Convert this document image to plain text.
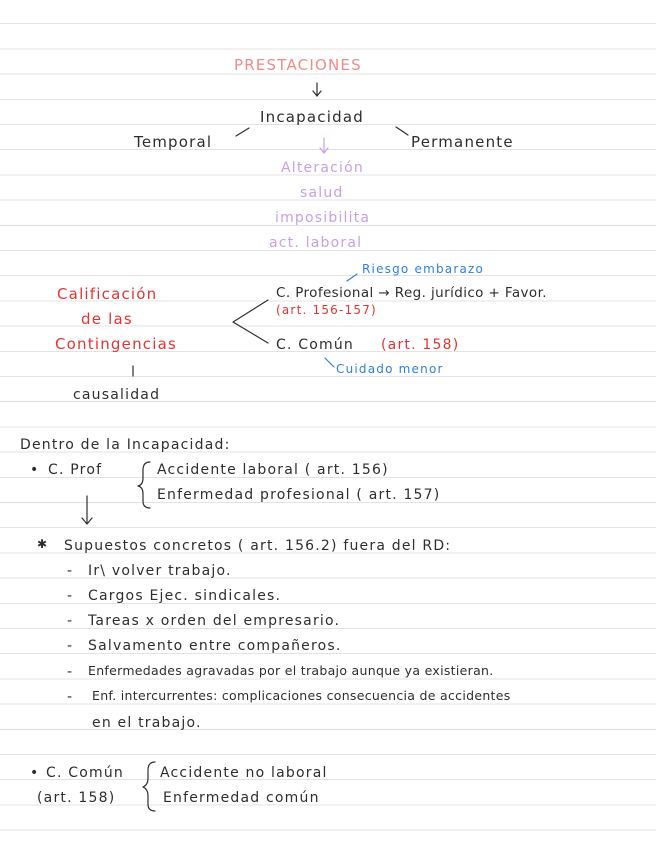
PRESTACIONES
Incapacidad
Temporal	Permanente
Alteración
salud
imposibilita
act. laboral
Calificación
de las
Contingencias
causalidad
Riesgo embarazo
C. Profesional → Reg. jurídico + Favor.
(art. 156-157)
C. Común (art. 158)
Cuidado menor
Dentro de la Incapacidad:
• C. Prof	Accidente laboral ( art. 156)
Enfermedad profesional ( art. 157)
✱ Supuestos concretos ( art. 156.2) fuera del RD:
- Ir\ volver trabajo.
- Cargos Ejec. sindicales.
- Tareas x orden del empresario.
- Salvamento entre compañeros.
- Enfermedades agravadas por el trabajo aunque ya existieran.
- Enf. intercurrentes: complicaciones consecuencia de accidentes
en el trabajo.
• C. Común
(art. 158)
Accidente no laboral
Enfermedad común
